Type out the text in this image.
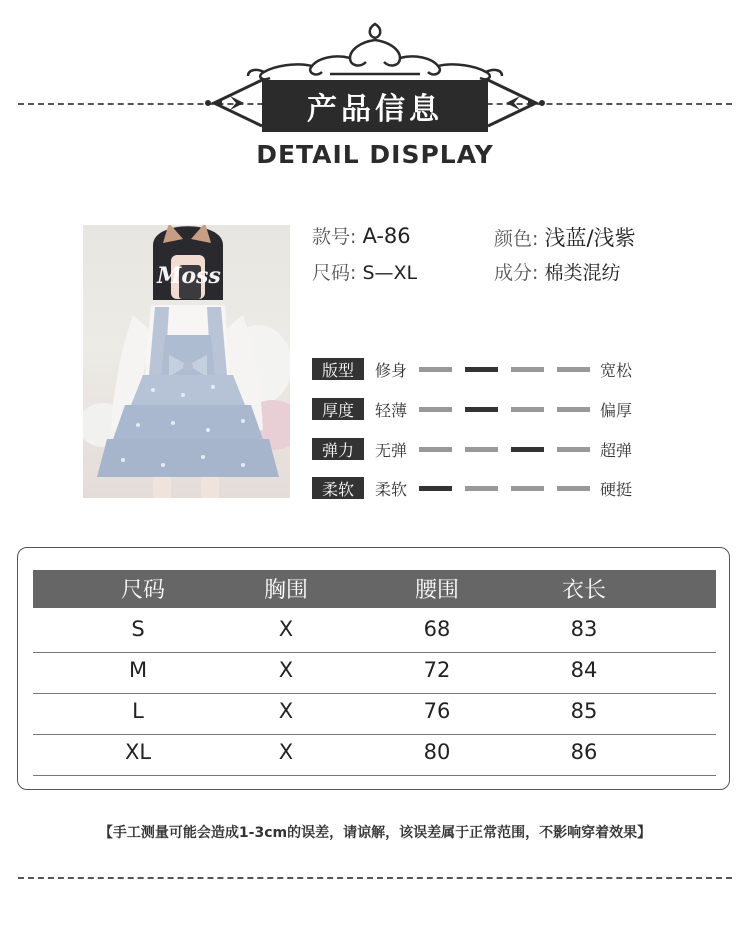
产品信息
DETAIL DISPLAY
Moss
款号: A-86	颜色: 浅蓝/浅紫
尺码: S—XL	成分: 棉类混纺
版型	修身	宽松
厚度	轻薄	偏厚
弹力	无弹	超弹
柔软	柔软	硬挺
尺码	胸围	腰围	衣长
S	X	68	83
M	X	72	84
L	X	76	85
XL	X	80	86
【手工测量可能会造成1-3cm的误差，请谅解，该误差属于正常范围，不影响穿着效果】
